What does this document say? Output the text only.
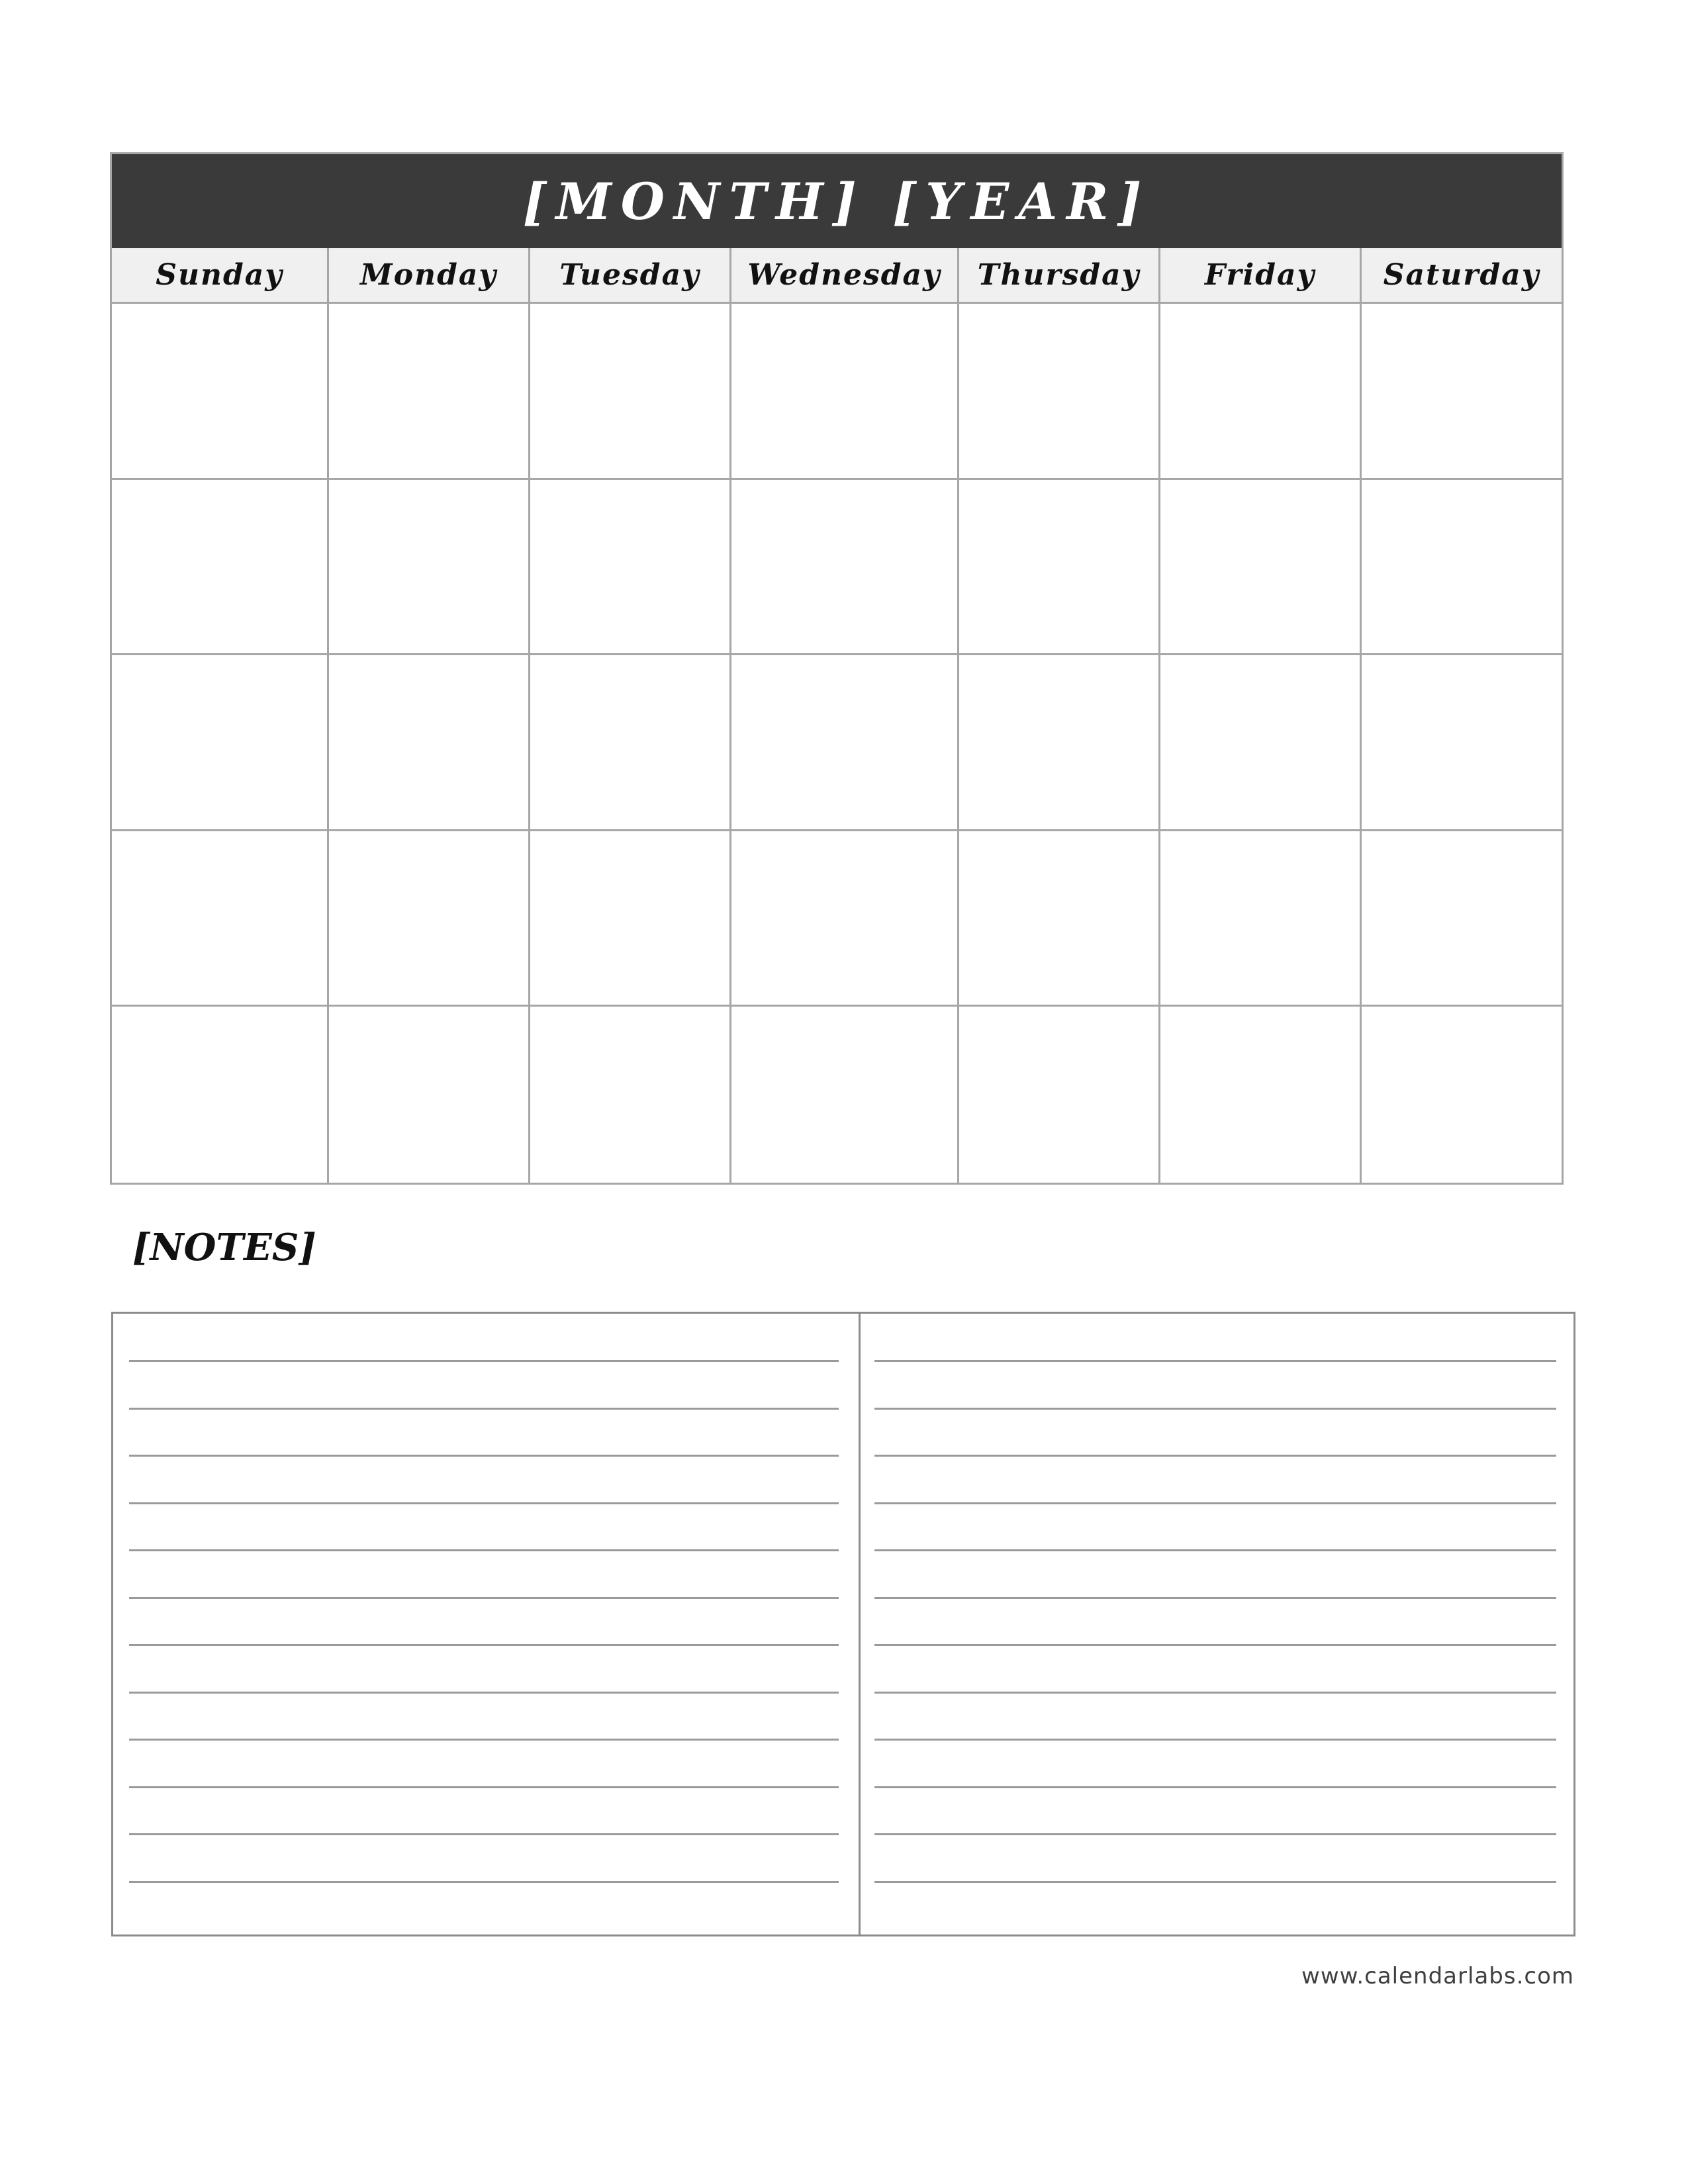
[MONTH] [YEAR]
Sunday	Monday	Tuesday	Wednesday	Thursday	Friday	Saturday
[NOTES]
www.calendarlabs.com
